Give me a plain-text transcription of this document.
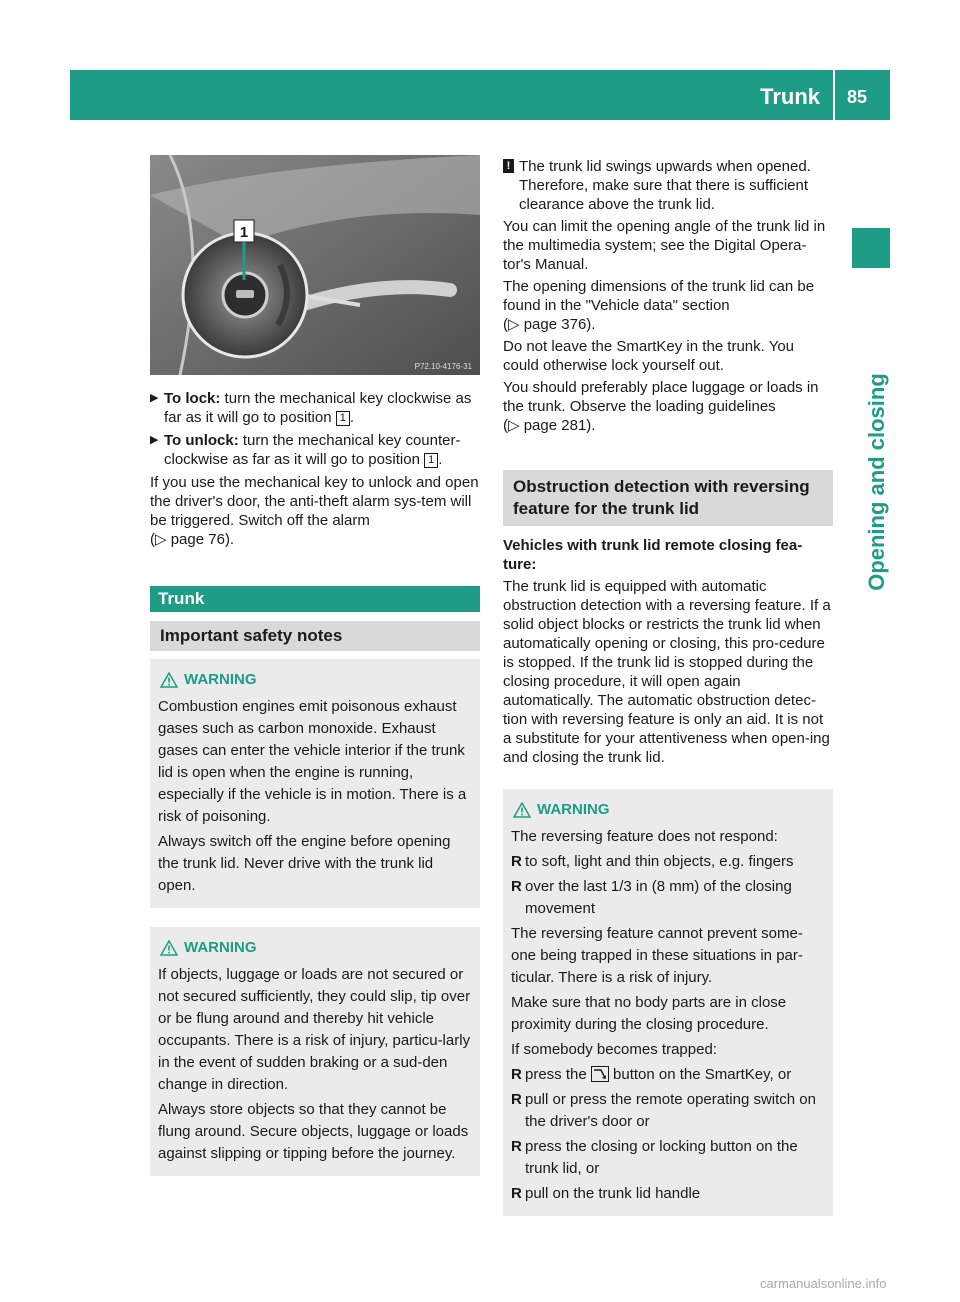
Trunk 85
Opening and closing
1
P72.10-4176-31
▶ To lock: turn the mechanical key clockwise as far as it will go to position 1 .
▶ To unlock: turn the mechanical key counter-clockwise as far as it will go to position 1 .

If you use the mechanical key to unlock and open the driver's door, the anti-theft alarm sys-tem will be triggered. Switch off the alarm
(▷ page 76).

Trunk
Important safety notes
WARNING

Combustion engines emit poisonous exhaust gases such as carbon monoxide. Exhaust gases can enter the vehicle interior if the trunk lid is open when the engine is running, especially if the vehicle is in motion. There is a risk of poisoning.

Always switch off the engine before opening the trunk lid. Never drive with the trunk lid open.

WARNING

If objects, luggage or loads are not secured or not secured sufficiently, they could slip, tip over or be flung around and thereby hit vehicle occupants. There is a risk of injury, particu-larly in the event of sudden braking or a sud-den change in direction.

Always store objects so that they cannot be flung around. Secure objects, luggage or loads against slipping or tipping before the journey.

! The trunk lid swings upwards when opened. Therefore, make sure that there is sufficient clearance above the trunk lid.

You can limit the opening angle of the trunk lid in the multimedia system; see the Digital Opera-tor's Manual.

The opening dimensions of the trunk lid can be found in the "Vehicle data" section
(▷ page 376).

Do not leave the SmartKey in the trunk. You could otherwise lock yourself out.

You should preferably place luggage or loads in the trunk. Observe the loading guidelines
(▷ page 281).

Obstruction detection with reversing feature for the trunk lid

Vehicles with trunk lid remote closing fea-ture:

The trunk lid is equipped with automatic obstruction detection with a reversing feature. If a solid object blocks or restricts the trunk lid when automatically opening or closing, this pro-cedure is stopped. If the trunk lid is stopped during the closing procedure, it will open again automatically. The automatic obstruction detec-tion with reversing feature is only an aid. It is not a substitute for your attentiveness when open-ing and closing the trunk lid.

WARNING

The reversing feature does not respond:

R to soft, light and thin objects, e.g. fingers
R over the last 1/3 in (8 mm) of the closing movement

The reversing feature cannot prevent some-one being trapped in these situations in par-ticular. There is a risk of injury.

Make sure that no body parts are in close proximity during the closing procedure.

If somebody becomes trapped:

R press the  button on the SmartKey, or
R pull or press the remote operating switch on the driver's door or
R press the closing or locking button on the trunk lid, or
R pull on the trunk lid handle
carmanualsonline.info
